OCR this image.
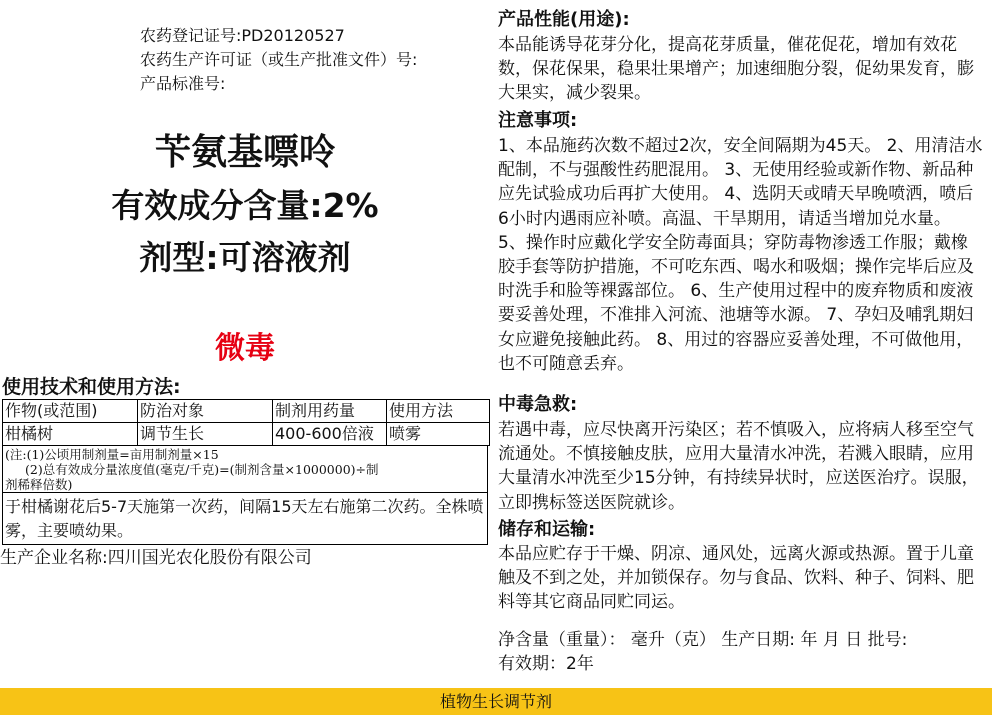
农药登记证号:PD20120527
农药生产许可证（或生产批准文件）号:
产品标准号:
苄氨基嘌呤
有效成分含量:2%
剂型:可溶液剂
微毒
使用技术和使用方法:
作物(或范围)	防治对象	制剂用药量	使用方法
柑橘树	调节生长	400-600倍液	喷雾
(注:(1)公顷用制剂量=亩用制剂量×15
(2)总有效成分量浓度值(毫克/千克)=(制剂含量×1000000)÷制
剂稀释倍数)
于柑橘谢花后5-7天施第一次药，间隔15天左右施第二次药。全株喷雾，主要喷幼果。
生产企业名称:四川国光农化股份有限公司
产品性能(用途):
本品能诱导花芽分化，提高花芽质量，催花促花，增加有效花数，保花保果，稳果壮果增产；加速细胞分裂，促幼果发育，膨大果实，减少裂果。
注意事项:
1、本品施药次数不超过2次，安全间隔期为45天。 2、用清洁水配制，不与强酸性药肥混用。 3、无使用经验或新作物、新品种应先试验成功后再扩大使用。 4、选阴天或晴天早晚喷洒，喷后6小时内遇雨应补喷。高温、干旱期用，请适当增加兑水量。 5、操作时应戴化学安全防毒面具；穿防毒物渗透工作服；戴橡胶手套等防护措施，不可吃东西、喝水和吸烟；操作完毕后应及时洗手和脸等裸露部位。 6、生产使用过程中的废弃物质和废液要妥善处理，不准排入河流、池塘等水源。 7、孕妇及哺乳期妇女应避免接触此药。 8、用过的容器应妥善处理，不可做他用，也不可随意丢弃。
中毒急救:
若遇中毒，应尽快离开污染区；若不慎吸入，应将病人移至空气流通处。不慎接触皮肤，应用大量清水冲洗，若溅入眼睛，应用大量清水冲洗至少15分钟，有持续异状时，应送医治疗。误服，立即携标签送医院就诊。
储存和运输:
本品应贮存于干燥、阴凉、通风处，远离火源或热源。置于儿童触及不到之处，并加锁保存。勿与食品、饮料、种子、饲料、肥料等其它商品同贮同运。
净含量（重量）： 毫升（克） 生产日期: 年 月 日 批号:
有效期：2年
植物生长调节剂
